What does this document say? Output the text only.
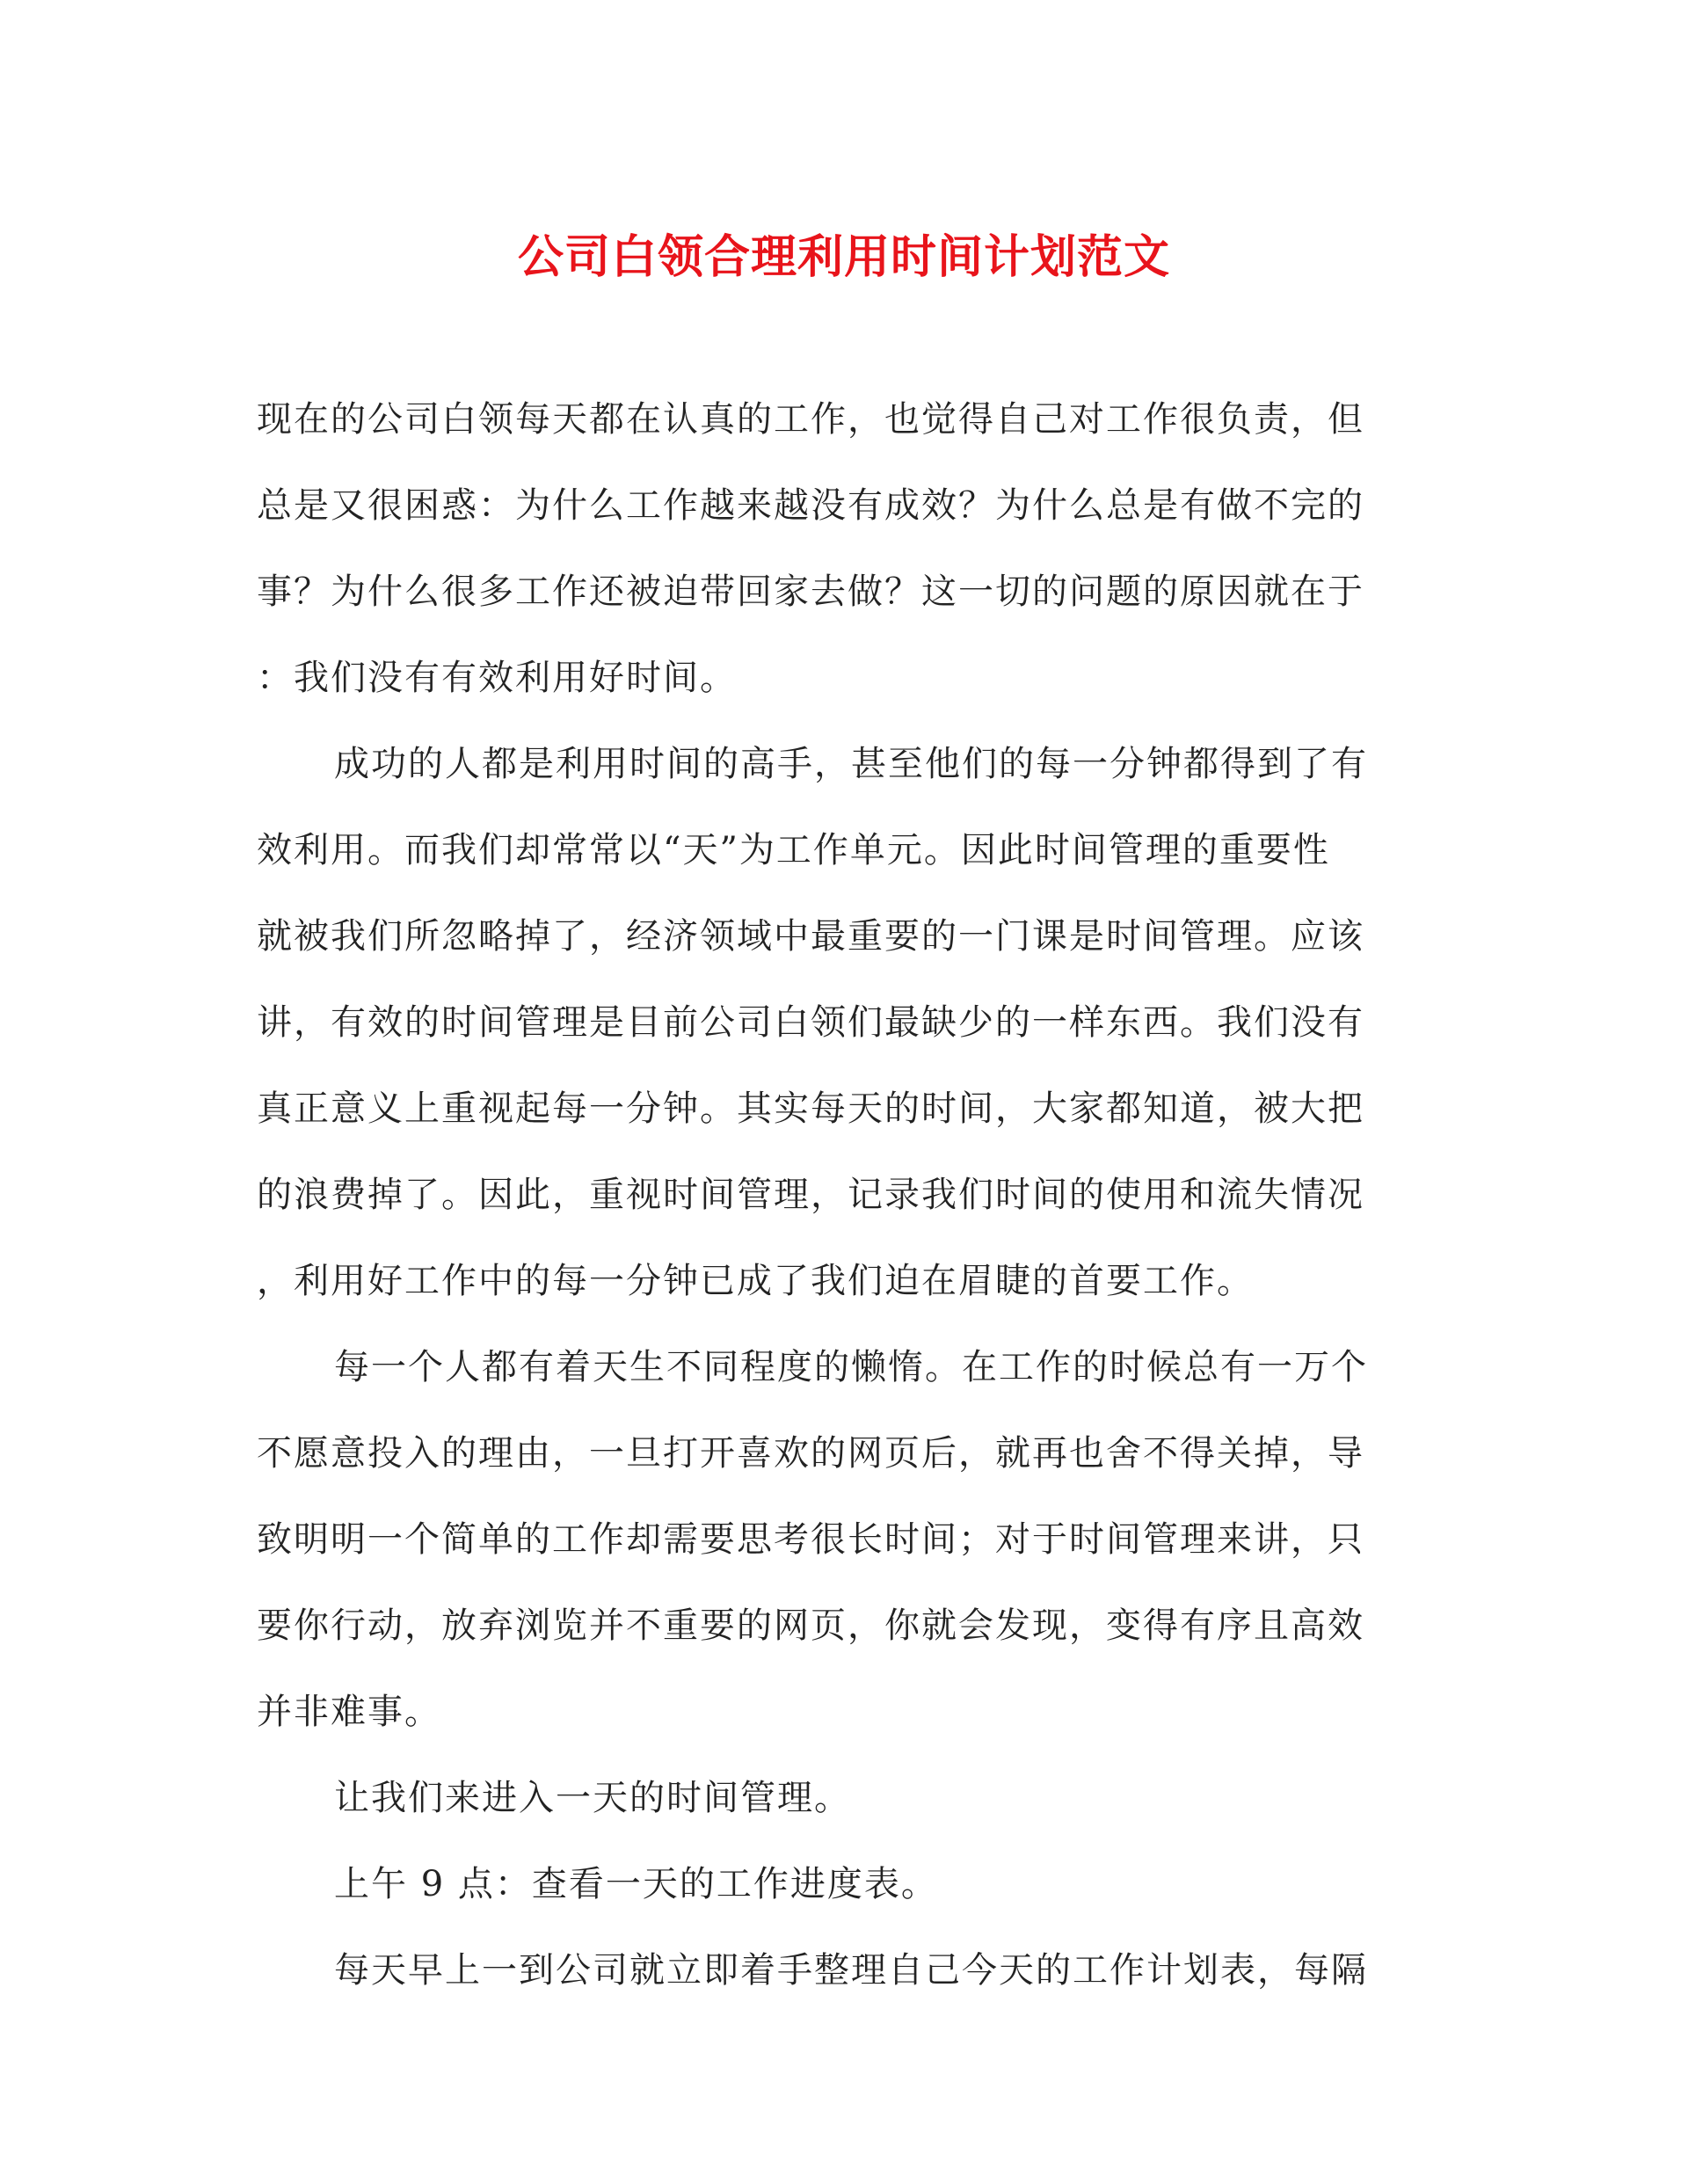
公司白领合理利用时间计划范文

现在的公司白领每天都在认真的工作，也觉得自己对工作很负责，但
总是又很困惑：为什么工作越来越没有成效？为什么总是有做不完的
事？为什么很多工作还被迫带回家去做？这一切的问题的原因就在于
：我们没有有效利用好时间。

成功的人都是利用时间的高手，甚至他们的每一分钟都得到了有
效利用。而我们却常常以“天”为工作单元。因此时间管理的重要性
就被我们所忽略掉了，经济领域中最重要的一门课是时间管理。应该
讲，有效的时间管理是目前公司白领们最缺少的一样东西。我们没有
真正意义上重视起每一分钟。其实每天的时间，大家都知道，被大把
的浪费掉了。因此，重视时间管理，记录我们时间的使用和流失情况
，利用好工作中的每一分钟已成了我们迫在眉睫的首要工作。

每一个人都有着天生不同程度的懒惰。在工作的时候总有一万个
不愿意投入的理由，一旦打开喜欢的网页后，就再也舍不得关掉，导
致明明一个简单的工作却需要思考很长时间；对于时间管理来讲，只
要你行动，放弃浏览并不重要的网页，你就会发现，变得有序且高效
并非难事。

让我们来进入一天的时间管理。

上午 9 点：查看一天的工作进度表。

每天早上一到公司就立即着手整理自己今天的工作计划表，每隔
